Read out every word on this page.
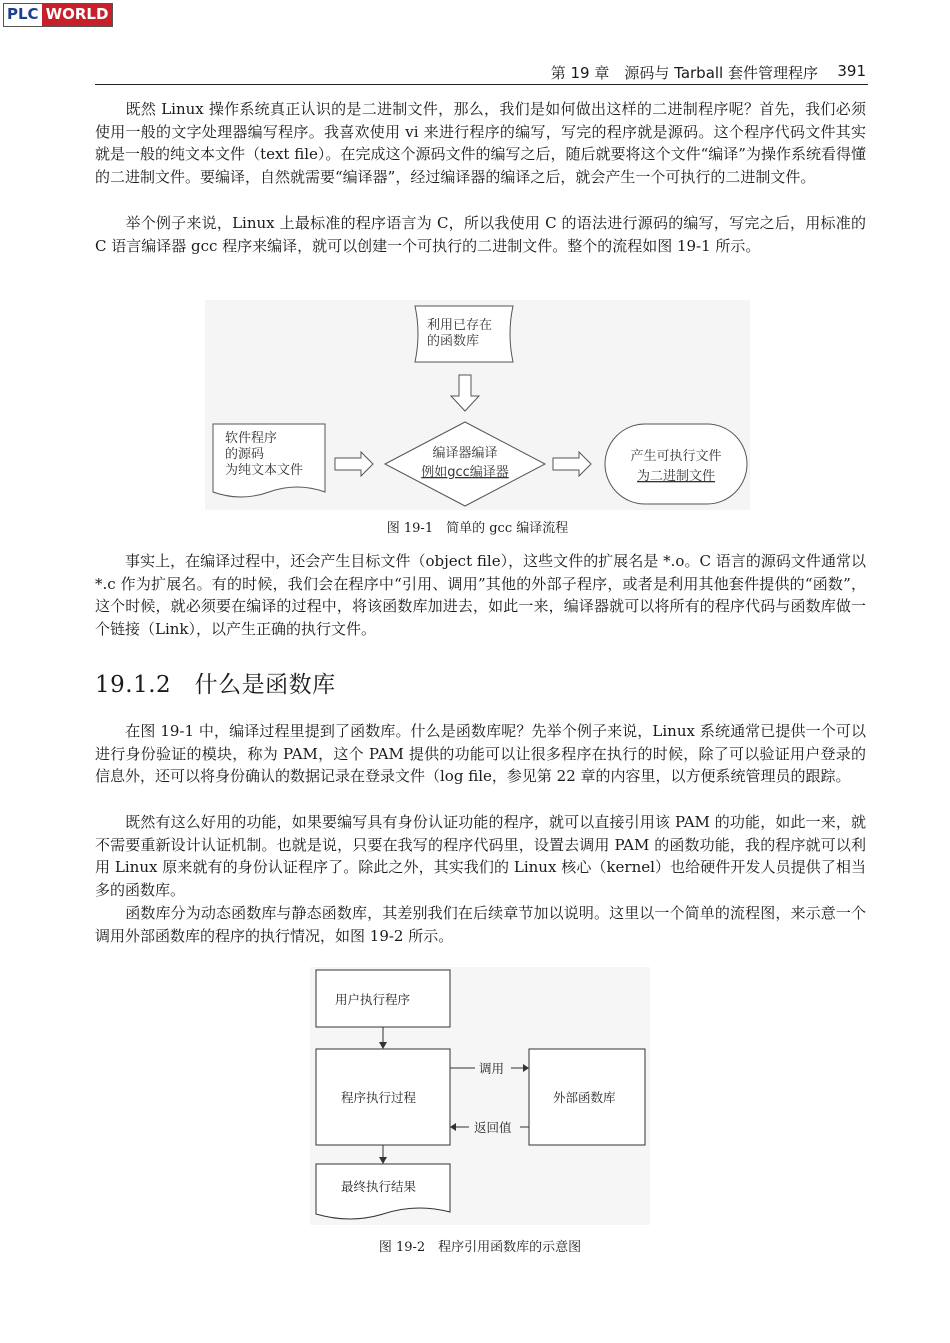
PLC WORLD
第 19 章　源码与 Tarball 套件管理程序 391

　　既然 Linux 操作系统真正认识的是二进制文件，那么，我们是如何做出这样的二进制程序呢？首先，我们必须使用一般的文字处理器编写程序。我喜欢使用 vi 来进行程序的编写，写完的程序就是源码。这个程序代码文件其实就是一般的纯文本文件（text file）。在完成这个源码文件的编写之后，随后就要将这个文件“编译”为操作系统看得懂的二进制文件。要编译，自然就需要“编译器”，经过编译器的编译之后，就会产生一个可执行的二进制文件。

　　举个例子来说，Linux 上最标准的程序语言为 C，所以我使用 C 的语法进行源码的编写，写完之后，用标准的 C 语言编译器 gcc 程序来编译，就可以创建一个可执行的二进制文件。整个的流程如图 19-1 所示。

利用已存在
的函数库
软件程序
的源码
为纯文本文件
编译器编译
例如gcc编译器
产生可执行文件
为二进制文件
图 19-1　简单的 gcc 编译流程

　　事实上，在编译过程中，还会产生目标文件（object file），这些文件的扩展名是 *.o。C 语言的源码文件通常以 *.c 作为扩展名。有的时候，我们会在程序中“引用、调用”其他的外部子程序，或者是利用其他套件提供的“函数”，这个时候，就必须要在编译的过程中，将该函数库加进去，如此一来，编译器就可以将所有的程序代码与函数库做一个链接（Link），以产生正确的执行文件。

19.1.2　什么是函数库

　　在图 19-1 中，编译过程里提到了函数库。什么是函数库呢？先举个例子来说，Linux 系统通常已提供一个可以进行身份验证的模块，称为 PAM，这个 PAM 提供的功能可以让很多程序在执行的时候，除了可以验证用户登录的信息外，还可以将身份确认的数据记录在登录文件（log file，参见第 22 章的内容里，以方便系统管理员的跟踪。

　　既然有这么好用的功能，如果要编写具有身份认证功能的程序，就可以直接引用该 PAM 的功能，如此一来，就不需要重新设计认证机制。也就是说，只要在我写的程序代码里，设置去调用 PAM 的函数功能，我的程序就可以利用 Linux 原来就有的身份认证程序了。除此之外，其实我们的 Linux 核心（kernel）也给硬件开发人员提供了相当多的函数库。

　　函数库分为动态函数库与静态函数库，其差别我们在后续章节加以说明。这里以一个简单的流程图，来示意一个调用外部函数库的程序的执行情况，如图 19-2 所示。

用户执行程序
程序执行过程	外部函数库
调用
返回值
最终执行结果
图 19-2　程序引用函数库的示意图
